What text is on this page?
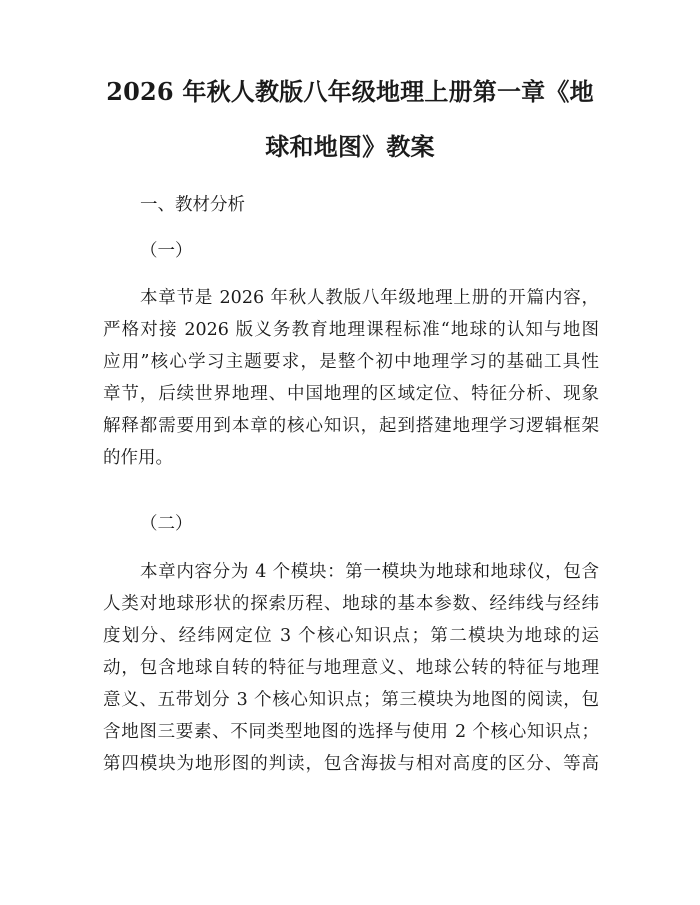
2026 年秋人教版八年级地理上册第一章《地
球和地图》教案
一、教材分析
（一）
本章节是 2026 年秋人教版八年级地理上册的开篇内容，
严格对接 2026 版义务教育地理课程标准“地球的认知与地图
应用”核心学习主题要求，是整个初中地理学习的基础工具性
章节，后续世界地理、中国地理的区域定位、特征分析、现象
解释都需要用到本章的核心知识，起到搭建地理学习逻辑框架
的作用。
（二）
本章内容分为 4 个模块：第一模块为地球和地球仪，包含
人类对地球形状的探索历程、地球的基本参数、经纬线与经纬
度划分、经纬网定位 3 个核心知识点；第二模块为地球的运
动，包含地球自转的特征与地理意义、地球公转的特征与地理
意义、五带划分 3 个核心知识点；第三模块为地图的阅读，包
含地图三要素、不同类型地图的选择与使用 2 个核心知识点；
第四模块为地形图的判读，包含海拔与相对高度的区分、等高
